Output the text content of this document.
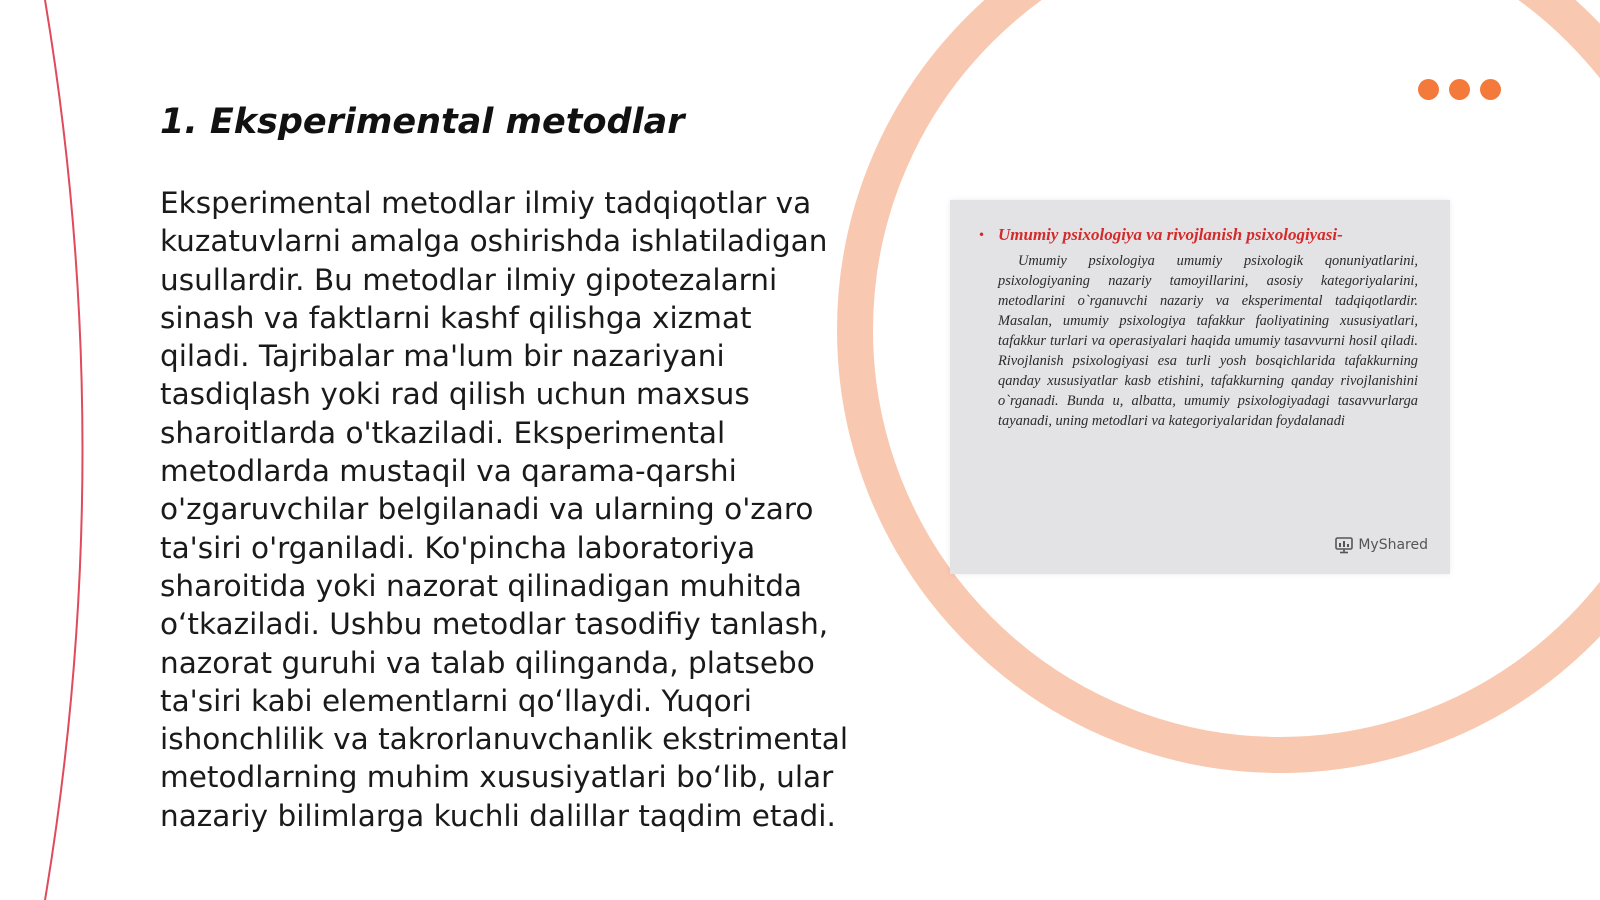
1. Eksperimental metodlar

Eksperimental metodlar ilmiy tadqiqotlar va kuzatuvlarni amalga oshirishda ishlatiladigan usullardir. Bu metodlar ilmiy gipotezalarni sinash va faktlarni kashf qilishga xizmat qiladi. Tajribalar ma'lum bir nazariyani tasdiqlash yoki rad qilish uchun maxsus sharoitlarda o'tkaziladi. Eksperimental metodlarda mustaqil va qarama-qarshi o'zgaruvchilar belgilanadi va ularning o'zaro ta'siri o'rganiladi. Ko'pincha laboratoriya sharoitida yoki nazorat qilinadigan muhitda o‘tkaziladi. Ushbu metodlar tasodifiy tanlash, nazorat guruhi va talab qilinganda, platsebo ta'siri kabi elementlarni qo‘llaydi. Yuqori ishonchlilik va takrorlanuvchanlik ekstrimental metodlarning muhim xususiyatlari bo‘lib, ular nazariy bilimlarga kuchli dalillar taqdim etadi.

• Umumiy psixologiya va rivojlanish psixologiyasi-

Umumiy psixologiya umumiy psixologik qonuniyatlarini, psixologiyaning nazariy tamoyillarini, asosiy kategoriyalarini, metodlarini o`rganuvchi nazariy va eksperimental tadqiqotlardir. Masalan, umumiy psixologiya tafakkur faoliyatining xususiyatlari, tafakkur turlari va operasiyalari haqida umumiy tasavvurni hosil qiladi. Rivojlanish psixologiyasi esa turli yosh bosqichlarida tafakkurning qanday xususiyatlar kasb etishini, tafakkurning qanday rivojlanishini o`rganadi. Bunda u, albatta, umumiy psixologiyadagi tasavvurlarga tayanadi, uning metodlari va kategoriyalaridan foydalanadi

MyShared
